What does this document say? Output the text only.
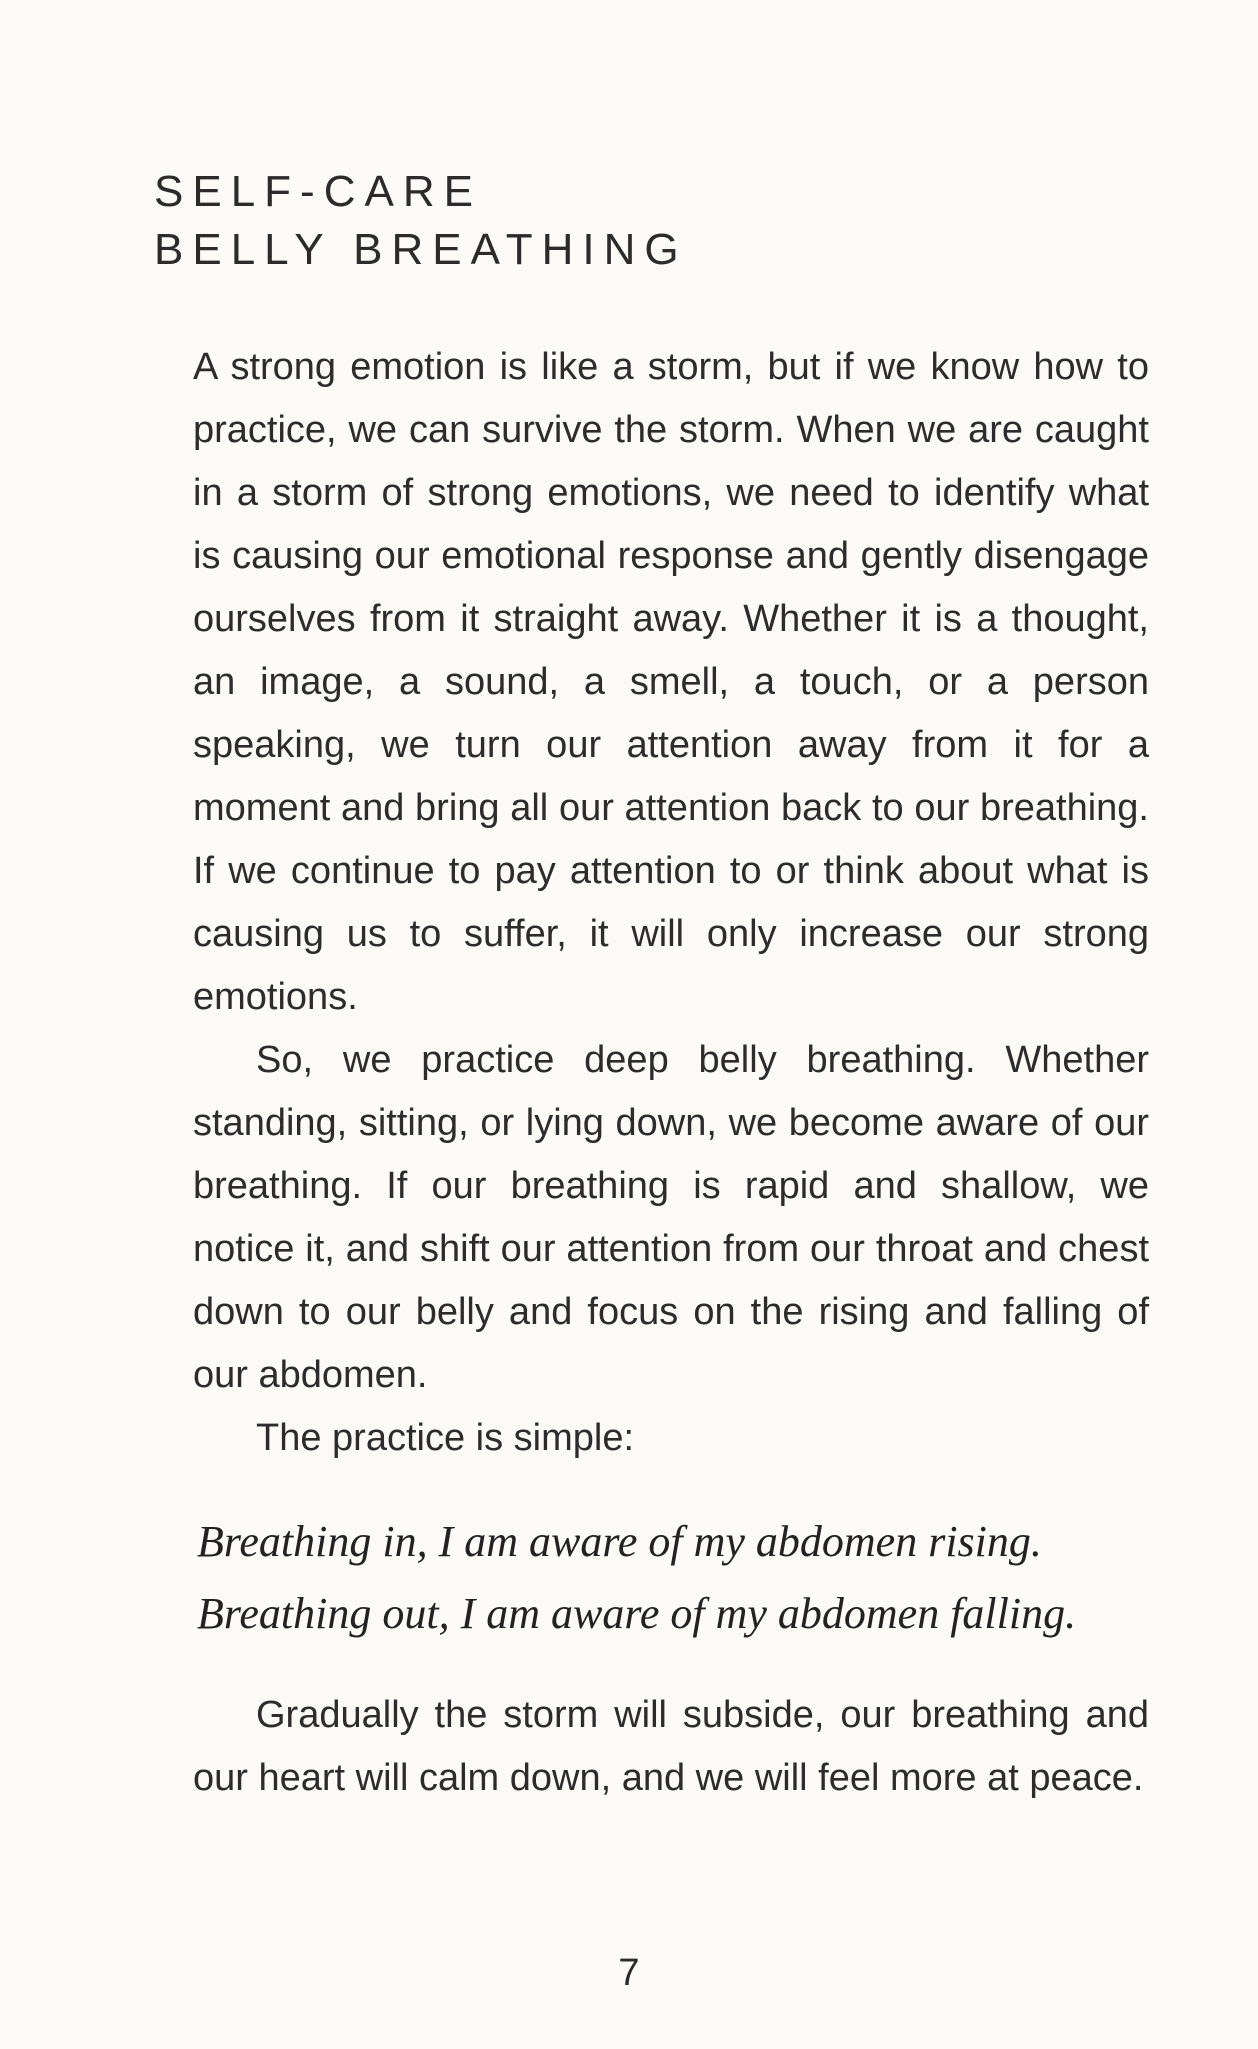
SELF-CARE
BELLY BREATHING

A strong emotion is like a storm, but if we know how to practice, we can survive the storm. When we are caught in a storm of strong emotions, we need to identify what is causing our emotional response and gently disengage ourselves from it straight away. Whether it is a thought, an image, a sound, a smell, a touch, or a person speaking, we turn our attention away from it for a moment and bring all our attention back to our breathing. If we continue to pay attention to or think about what is causing us to suffer, it will only increase our strong emotions.

So, we practice deep belly breathing. Whether standing, sitting, or lying down, we become aware of our breathing. If our breathing is rapid and shallow, we notice it, and shift our attention from our throat and chest down to our belly and focus on the rising and falling of our abdomen.

The practice is simple:

Breathing in, I am aware of my abdomen rising.
Breathing out, I am aware of my abdomen falling.

Gradually the storm will subside, our breathing and our heart will calm down, and we will feel more at peace.

7
